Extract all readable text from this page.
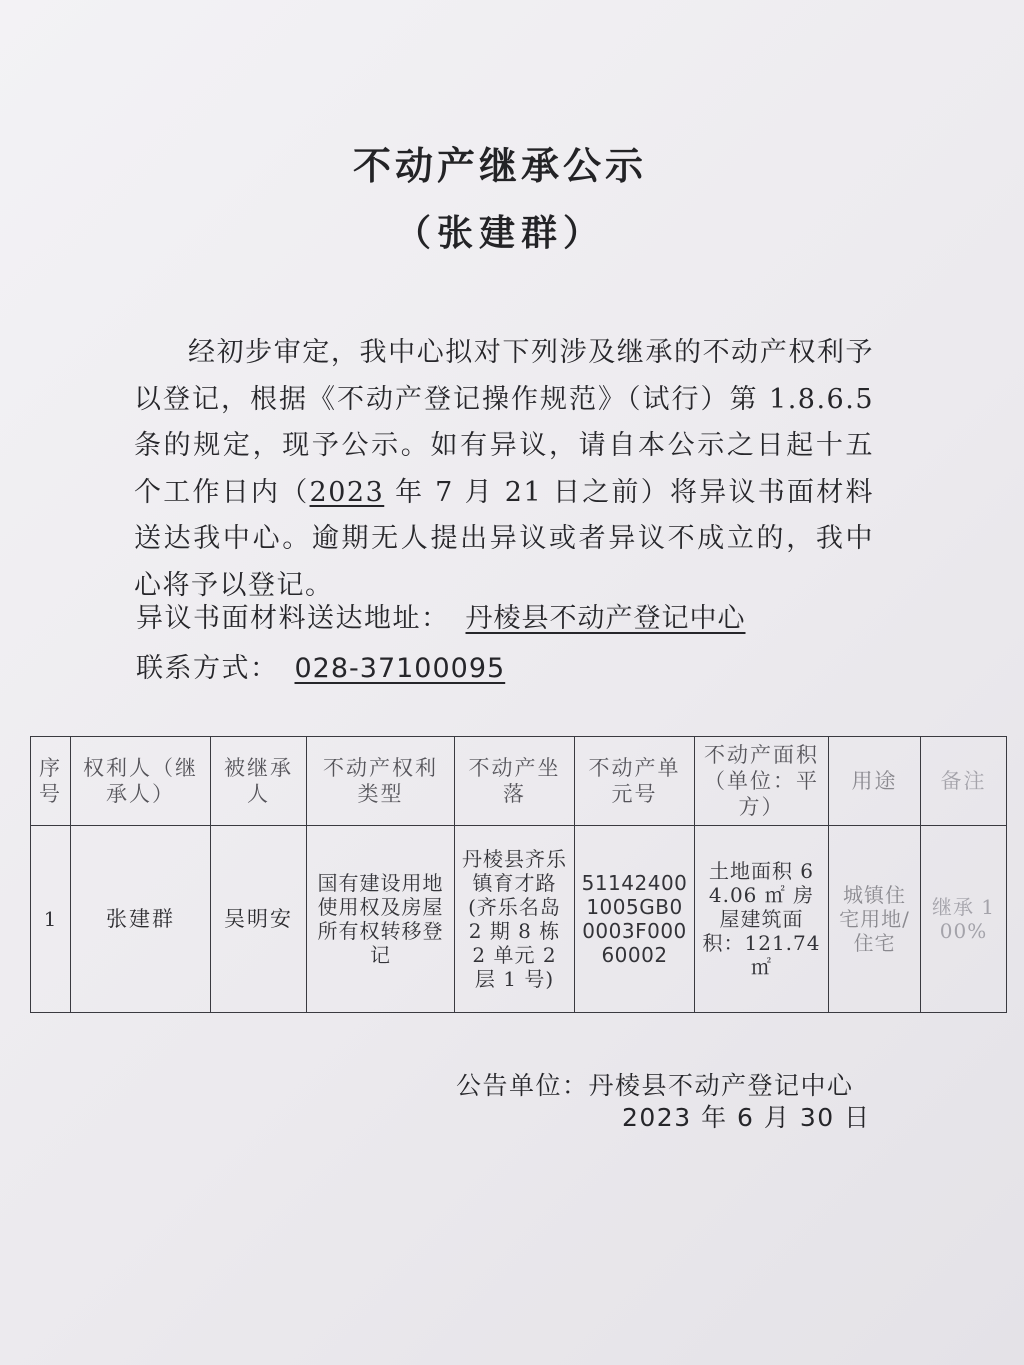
不动产继承公示
（张建群）

经初步审定，我中心拟对下列涉及继承的不动产权利予以登记，根据《不动产登记操作规范》（试行）第 1.8.6.5 条的规定，现予公示。如有异议，请自本公示之日起十五个工作日内（2023 年 7 月 21 日之前）将异议书面材料送达我中心。逾期无人提出异议或者异议不成立的，我中心将予以登记。

异议书面材料送达地址： 丹棱县不动产登记中心
联系方式： 028-37100095
序号	权利人（继承人）	被继承人	不动产权利类型	不动产坐落	不动产单元号	不动产面积（单位：平方）	用途	备注
1	张建群	吴明安	国有建设用地使用权及房屋所有权转移登记	丹棱县齐乐镇育才路(齐乐名岛 2 期 8 栋 2 单元 2 层 1 号)	511424001005GB00003F00060002	土地面积 64.06 ㎡ 房屋建筑面积：121.74 ㎡	城镇住宅用地/住宅	继承 100%
公告单位：丹棱县不动产登记中心
2023 年 6 月 30 日
